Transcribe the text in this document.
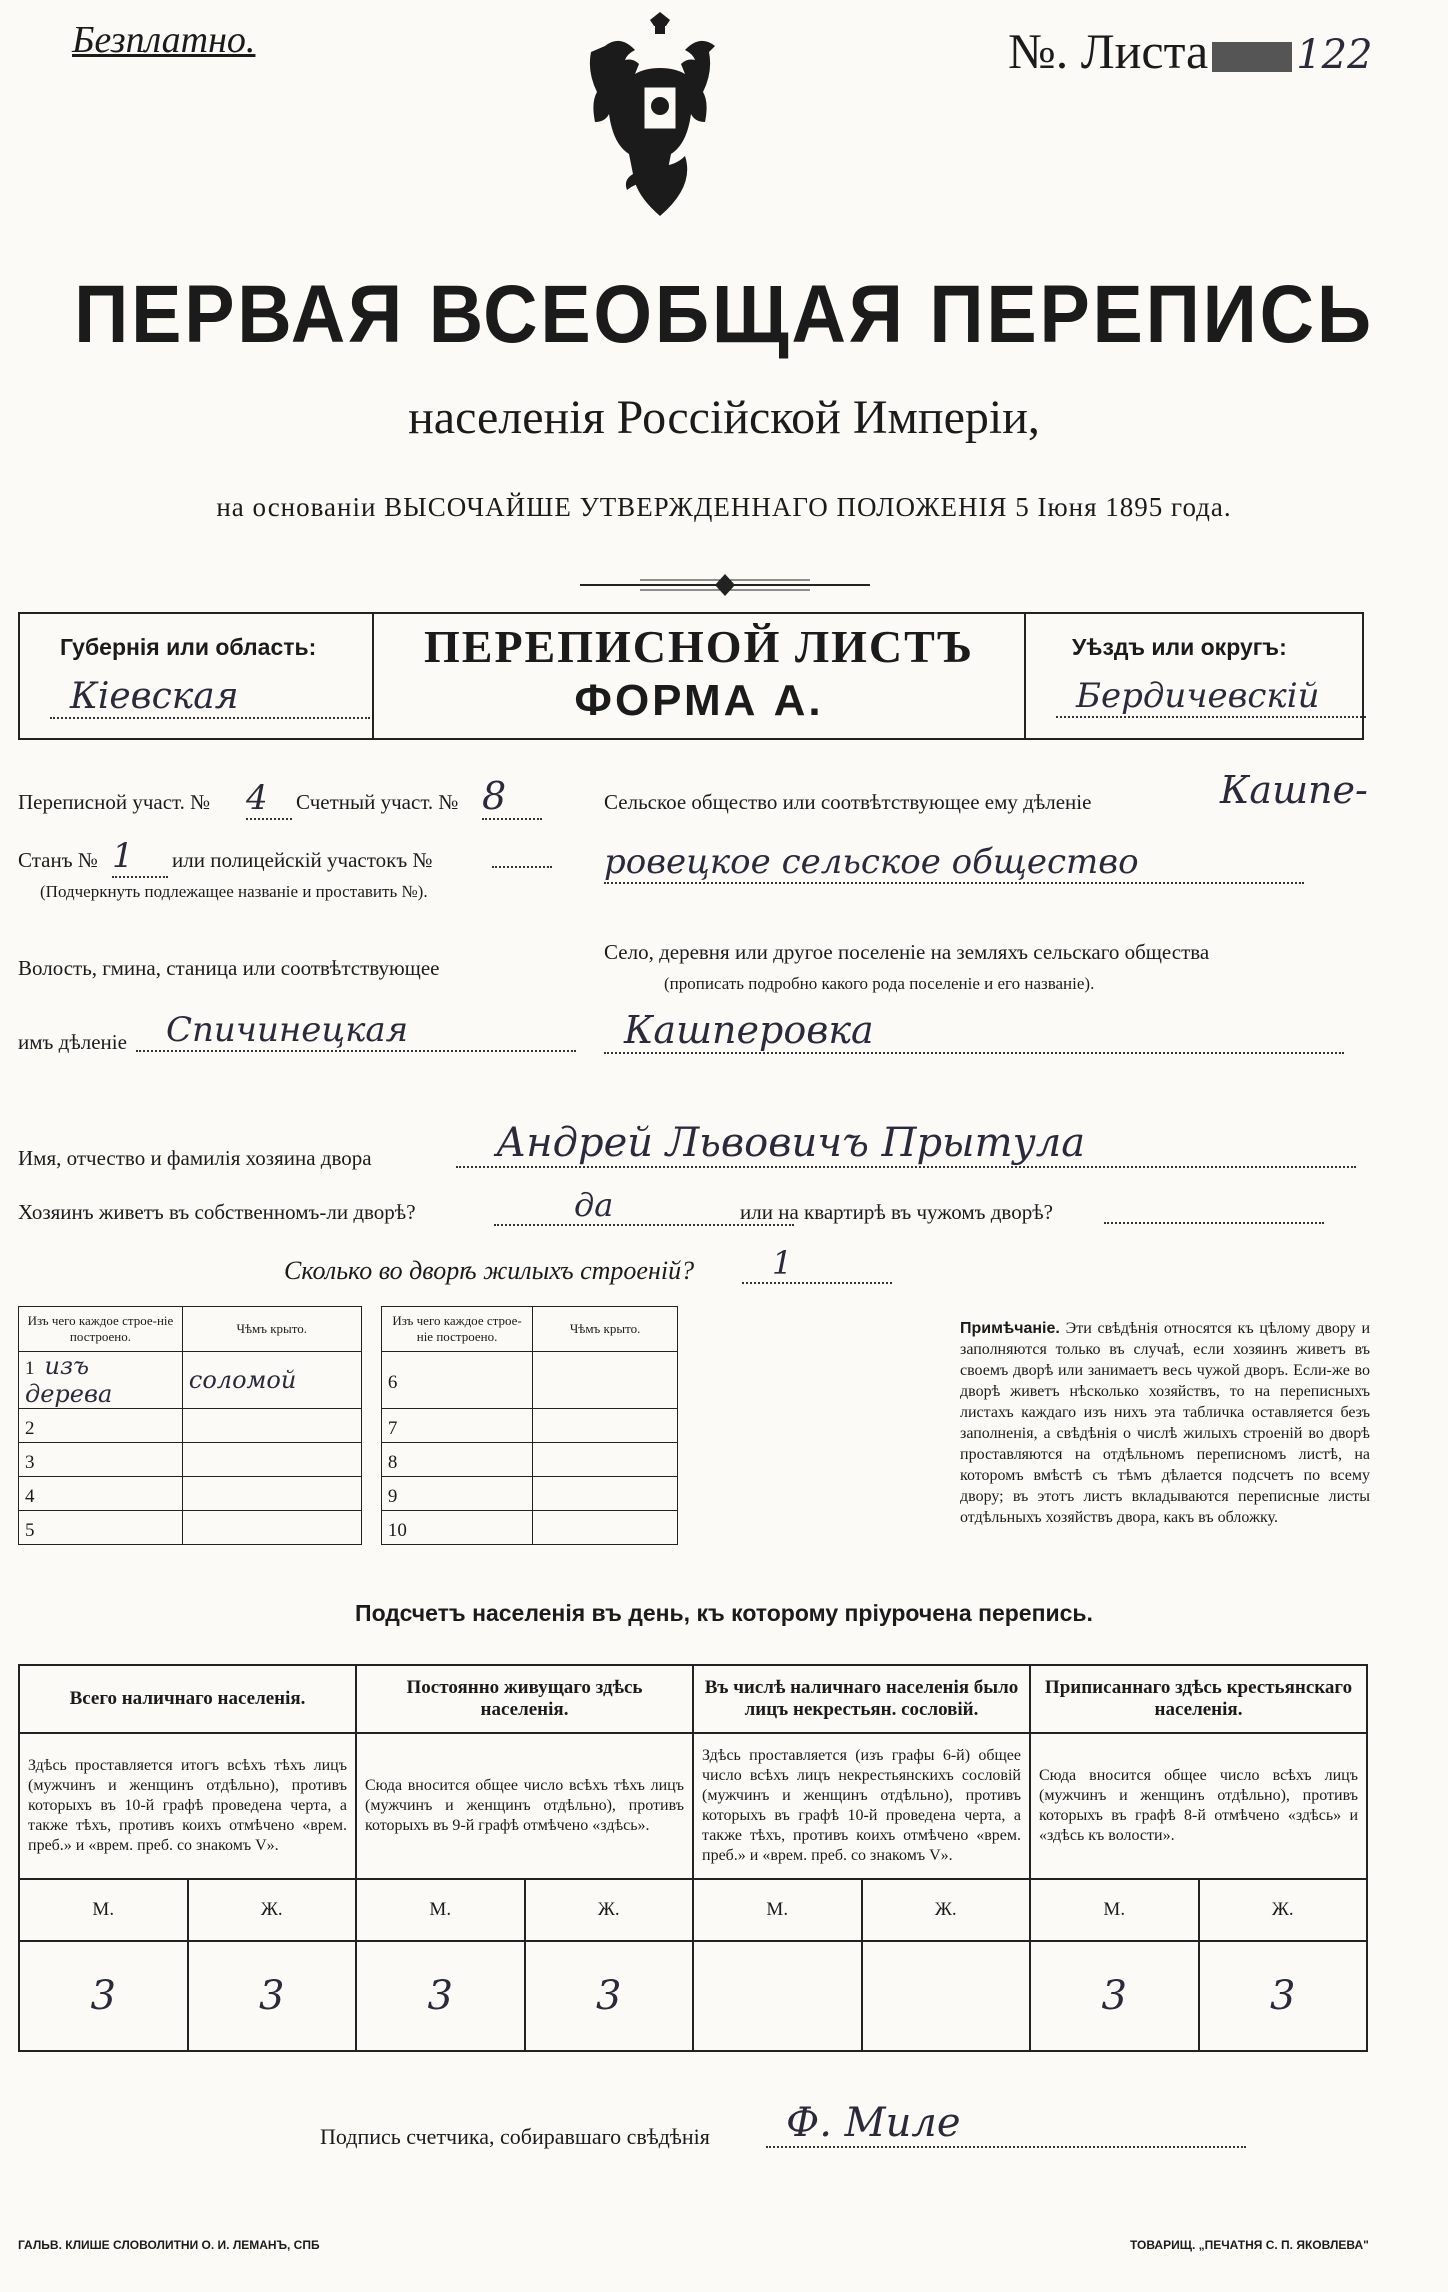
Безплатно.	№. Листа 122
ПЕРВАЯ ВСЕОБЩАЯ ПЕРЕПИСЬ
населенія Россійской Имперіи,
на основаніи ВЫСОЧАЙШЕ УТВЕРЖДЕННАГО ПОЛОЖЕНІЯ 5 Іюня 1895 года.
Губернія или область:
Кіевская
ПЕРЕПИСНОЙ ЛИСТЪ
ФОРМА А.
Уѣздъ или округъ:
Бердичевскій
Переписной участ. № 4	Счетный участ. № 8
Станъ № 1	или полицейскій участокъ №
(Подчеркнуть подлежащее названіе и проставить №).
Волость, гмина, станица или соотвѣтствующее
имъ дѣленіе	Спичинецкая
Сельское общество или соотвѣтствующее ему дѣленіе	Кашпе-
ровецкое сельское общество
Село, деревня или другое поселеніе на земляхъ сельскаго общества
(прописать подробно какого рода поселеніе и его названіе).
Кашперовка
Имя, отчество и фамилія хозяина двора	Андрей Львовичъ Прытула
Хозяинъ живетъ въ собственномъ-ли дворѣ?	да	или на квартирѣ въ чужомъ дворѣ?
Сколько во дворѣ жилыхъ строеній?	1
Изъ чего каждое строе-ніе построено.	Чѣмъ крыто.		Изъ чего каждое строе-ніе построено.	Чѣмъ крыто.
1 изъ дерева	соломой		6	
2			7	
3			8	
4			9	
5			10	
Примѣчаніе. Эти свѣдѣнія относятся къ цѣлому двору и заполняются только въ случаѣ, если хозяинъ живетъ въ своемъ дворѣ или занимаетъ весь чужой дворъ. Если-же во дворѣ живетъ нѣсколько хозяйствъ, то на переписныхъ листахъ каждаго изъ нихъ эта табличка оставляется безъ заполненія, а свѣдѣнія о числѣ жилыхъ строеній во дворѣ проставляются на отдѣльномъ переписномъ листѣ, на которомъ вмѣстѣ съ тѣмъ дѣлается подсчетъ по всему двору; въ этотъ листъ вкладываются переписные листы отдѣльныхъ хозяйствъ двора, какъ въ обложку.
Подсчетъ населенія въ день, къ которому пріурочена перепись.
Всего наличнаго населенія.		Постоянно живущаго здѣсь населенія.		Въ числѣ наличнаго населенія было лицъ некрестьян. сословій.		Приписаннаго здѣсь крестьянскаго населенія.	
Здѣсь проставляется итогъ всѣхъ тѣхъ лицъ (мужчинъ и женщинъ отдѣльно), противъ которыхъ въ 10-й графѣ проведена черта, а также тѣхъ, противъ коихъ отмѣчено «врем. преб.» и «врем. преб. со знакомъ V».		Сюда вносится общее число всѣхъ тѣхъ лицъ (мужчинъ и женщинъ отдѣльно), противъ которыхъ въ 9-й графѣ отмѣчено «здѣсь».		Здѣсь проставляется (изъ графы 6-й) общее число всѣхъ лицъ некрестьянскихъ сословій (мужчинъ и женщинъ отдѣльно), противъ которыхъ въ графѣ 10-й проведена черта, а также тѣхъ, противъ коихъ отмѣчено «врем. преб.» и «врем. преб. со знакомъ V».		Сюда вносится общее число всѣхъ лицъ (мужчинъ и женщинъ отдѣльно), противъ которыхъ въ графѣ 8-й отмѣчено «здѣсь» и «здѣсь къ волости».	
М.	Ж.	М.	Ж.	М.	Ж.	М.	Ж.
3	3	3	3			3	3
Подпись счетчика, собиравшаго свѣдѣнія	Ф. Миле
ГАЛЬВ. КЛИШЕ СЛОВОЛИТНИ О. И. ЛЕМАНЪ, СПБ	ТОВАРИЩ. „ПЕЧАТНЯ С. П. ЯКОВЛЕВА"
